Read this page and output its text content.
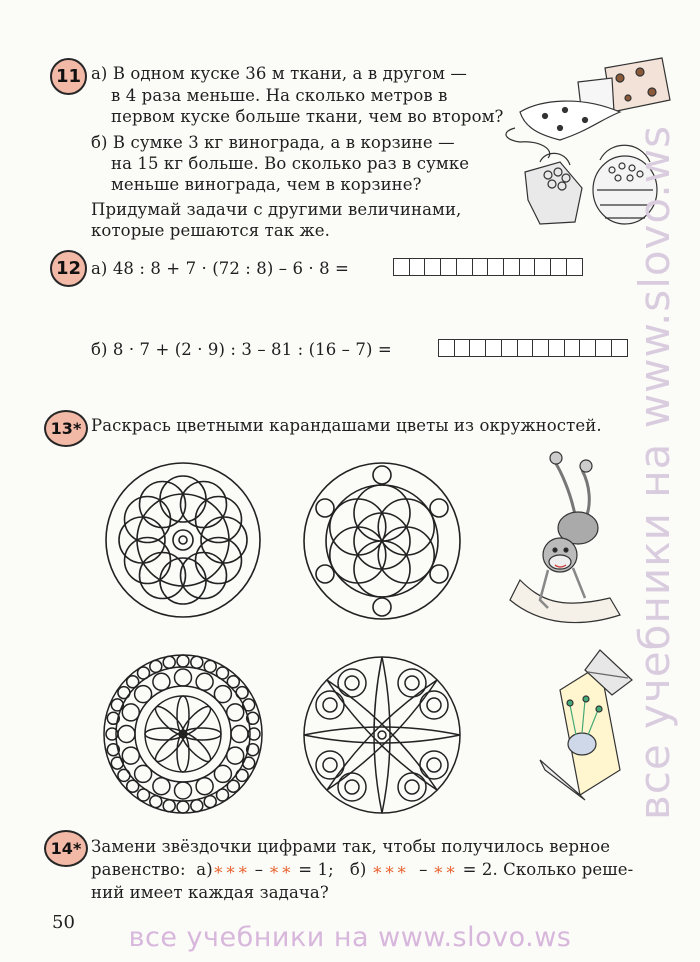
11 а) В одном куске 36 м ткани, а в другом —
в 4 раза меньше. На сколько метров в
первом куске больше ткани, чем во втором?
б) В сумке 3 кг винограда, а в корзине —
на 15 кг больше. Во сколько раз в сумке
меньше винограда, чем в корзине?
Придумай задачи с другими величинами,
которые решаются так же.
12 а) 48 : 8 + 7 · (72 : 8) – 6 · 8 =
б) 8 · 7 + (2 · 9) : 3 – 81 : (16 – 7) =
13* Раскрась цветными карандашами цветы из окружностей.
14* Замени звёздочки цифрами так, чтобы получилось верное
равенство:  а)∗∗∗ – ∗∗ = 1;   б) ∗∗∗  – ∗∗ = 2. Сколько реше-
ний имеет каждая задача?
50
все учебники на www.slovo.ws
все учебники на www.slovo.ws
